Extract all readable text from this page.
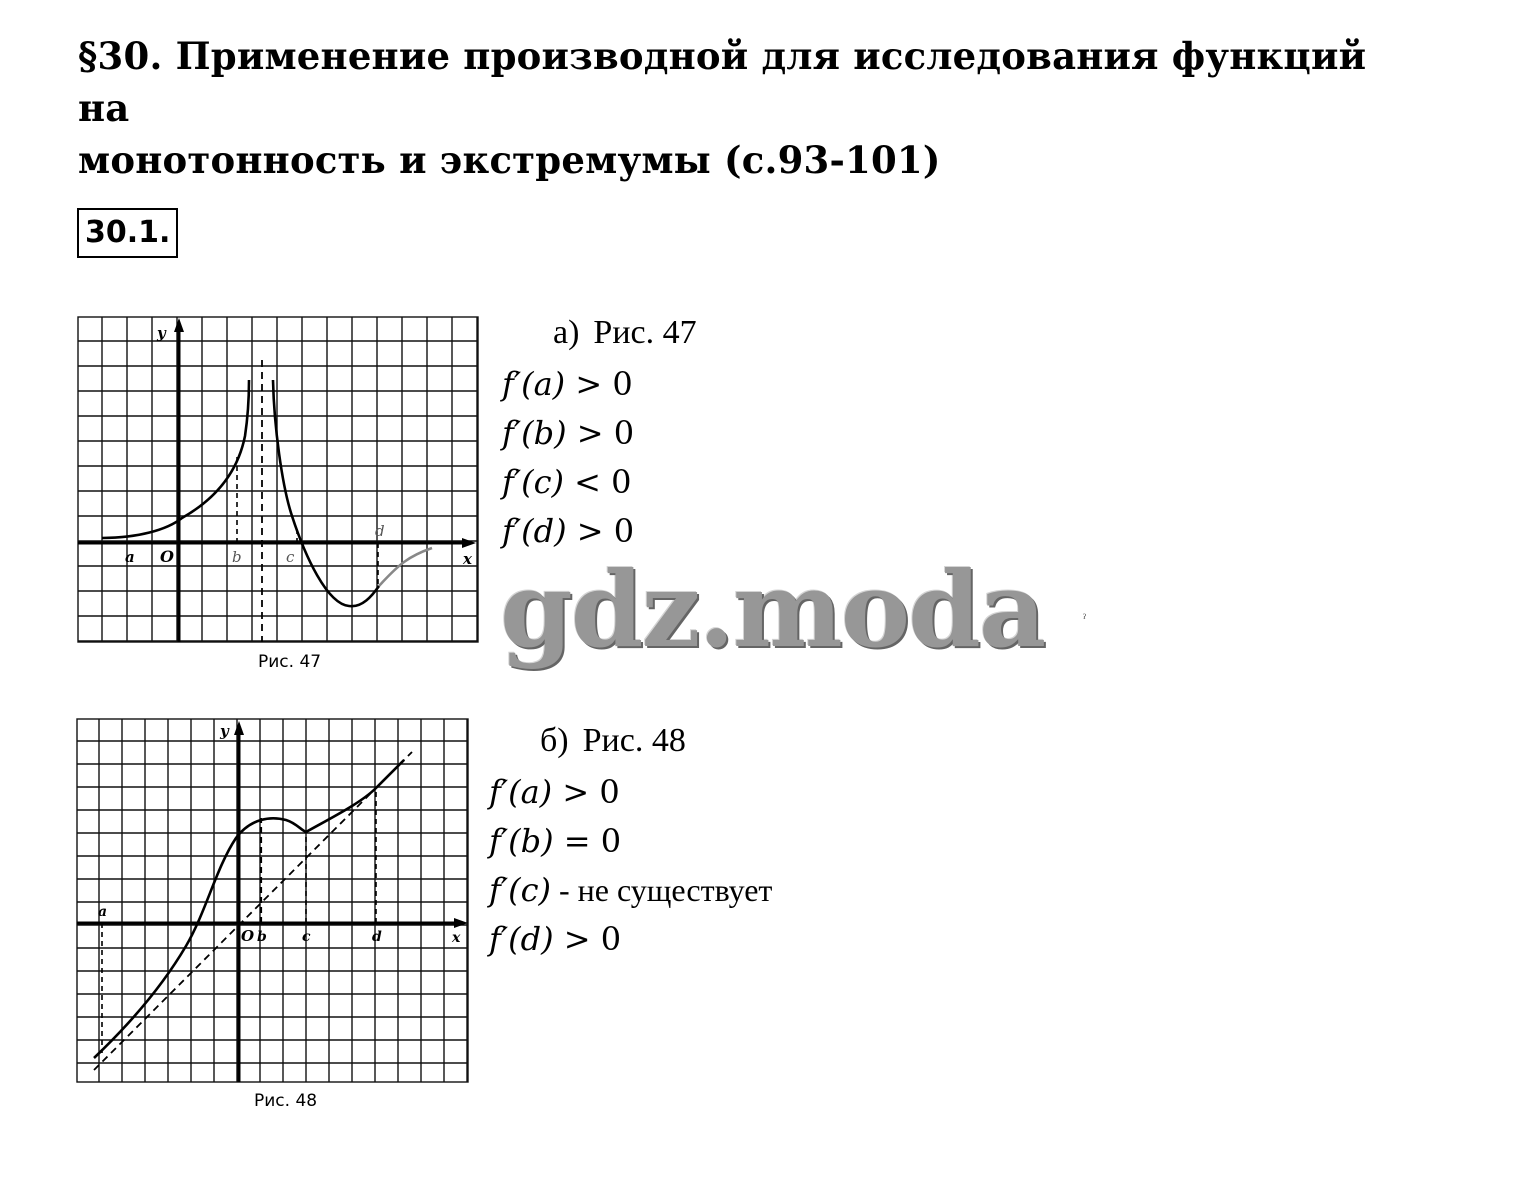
§30. Применение производной для исследования функций на
монотонность и экстремумы (с.93-101)
30.1.
y
x
a O	b	c
d
Рис. 47
а) Рис. 47
f′(a) > 0
f′(b) > 0
f′(c) < 0
f′(d) > 0
gdz.moda	ˀ
y
x
a
O b	c	d
Рис. 48
б) Рис. 48
f′(a) > 0
f′(b) = 0
f′(c) - не существует
f′(d) > 0
